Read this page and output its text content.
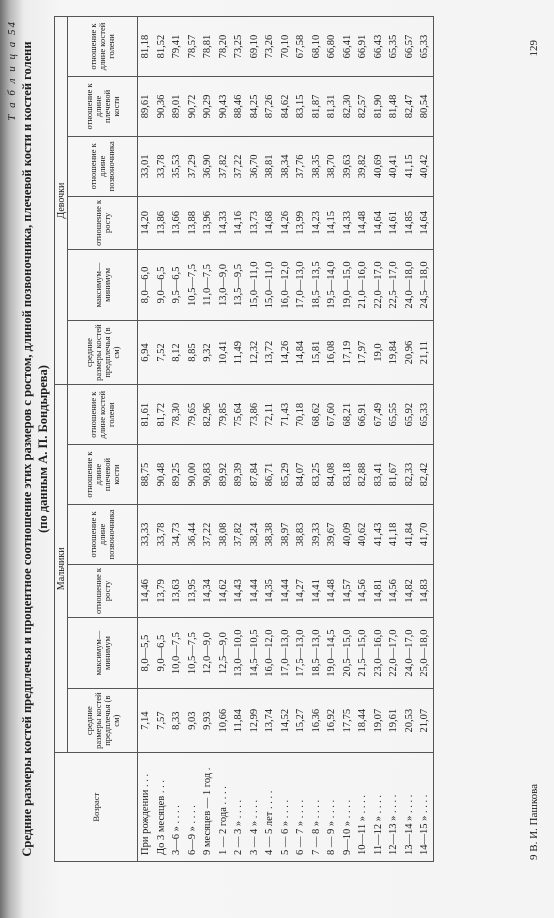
Т а б л и ц а 54 Средние размеры костей предплечья и процентное соотношение этих размеров с ростом, длиной позвоночника, плечевой кости и костей голени (по данным А. П. Бондырева)
Возраст	Мальчики						Девочки					
	средние размеры костей предплечья (в см)	максимум—минимум	отношение к росту	отношение к длине позвоночника	отношение к длине плечевой кости	отношение к длине костей голени	средние размеры костей предплечья (в см)	максимум—минимум	отношение к росту	отношение к длине позвоночника	отношение к длине плечевой кости	отношение к длине костей голени
При рождении . . .	7,14	8,0—5,5	14,46	33,33	88,75	81,61	6,94	8,0—6,0	14,20	33,01	89,61	81,18
До 3 месяцев . . .	7,57	9,0—6,5	13,79	33,78	90,48	81,72	7,52	9,0—6,5	13,86	33,78	90,36	81,52
3—6 » . . . .	8,33	10,0—7,5	13,63	34,73	89,25	78,30	8,12	9,5—6,5	13,66	35,53	89,01	79,41
6—9 » . . . .	9,03	10,5—7,5	13,95	36,44	90,00	79,65	8,85	10,5—7,5	13,88	37,29	90,72	78,57
9 месяцев — 1 год .	9,93	12,0—9,0	14,34	37,22	90,83	82,96	9,32	11,0—7,5	13,96	36,90	90,29	78,81
1 — 2 года . . . .	10,66	12,5—9,0	14,62	38,08	89,92	79,85	10,41	13,0—9,0	14,33	37,82	90,43	78,20
2 — 3 » . . . .	11,84	13,0—10,0	14,43	37,82	89,39	75,64	11,49	13,5—9,5	14,16	37,22	88,46	73,25
3 — 4 » . . . .	12,99	14,5—10,5	14,44	38,24	87,84	73,86	12,32	15,0—11,0	13,73	36,70	84,25	69,10
4 — 5 лет . . . .	13,74	16,0—12,0	14,35	38,38	86,71	72,11	13,72	15,0—11,0	14,68	38,81	87,26	73,26
5 — 6 » . . . .	14,52	17,0—13,0	14,44	38,97	85,29	71,43	14,26	16,0—12,0	14,26	38,34	84,62	70,10
6 — 7 » . . . .	15,27	17,5—13,0	14,27	38,83	84,07	70,18	14,84	17,0—13,0	13,99	37,76	83,15	67,58
7 — 8 » . . . .	16,36	18,5—13,0	14,41	39,33	83,25	68,62	15,81	18,5—13,5	14,23	38,35	81,87	68,10
8 — 9 » . . . .	16,92	19,0—14,5	14,48	39,67	84,08	67,60	16,08	19,5—14,0	14,15	38,70	81,31	66,80
9—10 » . . . .	17,75	20,5—15,0	14,57	40,09	83,18	68,21	17,19	19,0—15,0	14,33	39,63	82,30	66,41
10—11 » . . . .	18,44	21,5—15,0	14,56	40,62	82,88	66,91	17,97	21,0—16,0	14,48	39,82	82,57	66,91
11—12 » . . . .	19,07	23,0—16,0	14,81	41,43	83,41	67,49	19,0	22,0—17,0	14,64	40,69	81,90	66,43
12—13 » . . . .	19,61	22,0—17,0	14,56	41,18	81,67	65,55	19,84	22,5—17,0	14,61	40,41	81,48	65,35
13—14 » . . . .	20,53	24,0—17,0	14,82	41,84	82,33	65,92	20,96	24,0—18,0	14,85	41,15	82,47	66,57
14—15 » . . . .	21,07	25,0—18,0	14,83	41,70	82,42	65,33	21,11	24,5—18,0	14,64	40,42	80,54	65,33
9 В. И. Пашкова
129
